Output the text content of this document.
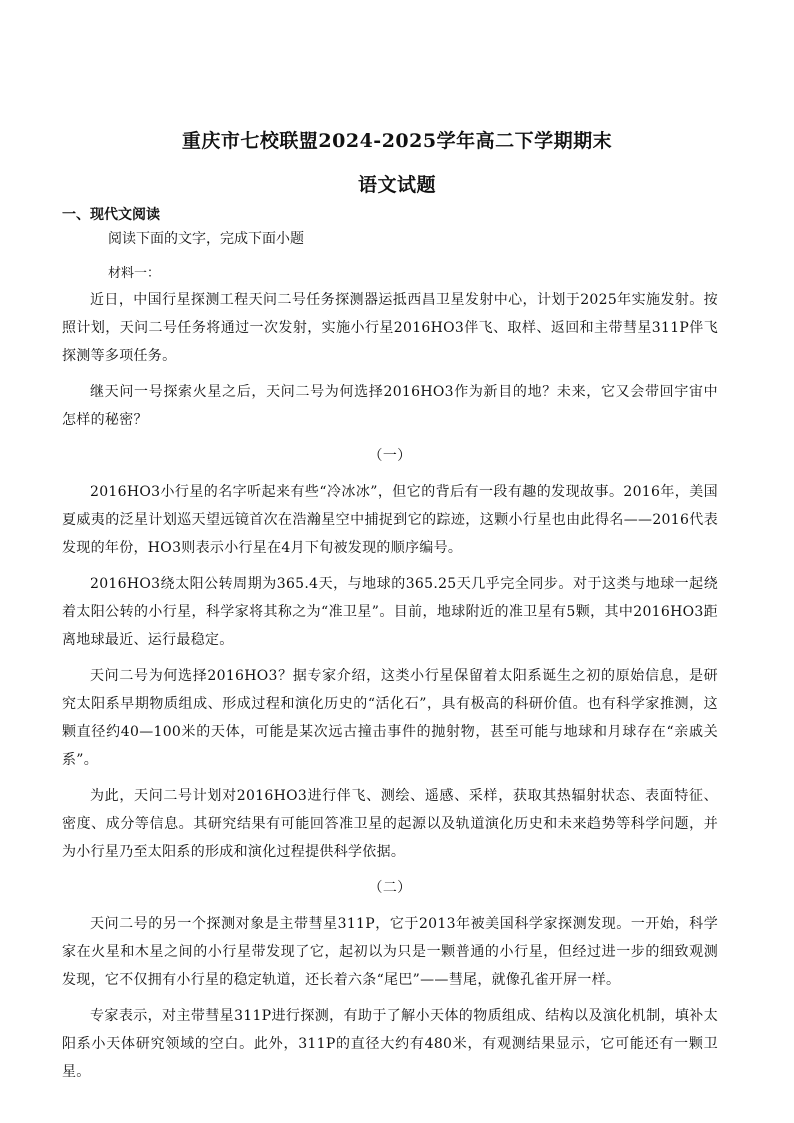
重庆市七校联盟2024-2025学年高二下学期期末
语文试题
一、现代文阅读
阅读下面的文字，完成下面小题
材料一：

近日，中国行星探测工程天问二号任务探测器运抵西昌卫星发射中心，计划于2025年实施发射。按照计划，天问二号任务将通过一次发射，实施小行星2016HO3伴飞、取样、返回和主带彗星311P伴飞探测等多项任务。

继天问一号探索火星之后，天问二号为何选择2016HO3作为新目的地？未来，它又会带回宇宙中怎样的秘密？

（一）

2016HO3小行星的名字听起来有些“冷冰冰”，但它的背后有一段有趣的发现故事。2016年，美国夏威夷的泛星计划巡天望远镜首次在浩瀚星空中捕捉到它的踪迹，这颗小行星也由此得名——2016代表发现的年份，HO3则表示小行星在4月下旬被发现的顺序编号。

2016HO3绕太阳公转周期为365.4天，与地球的365.25天几乎完全同步。对于这类与地球一起绕着太阳公转的小行星，科学家将其称之为“准卫星”。目前，地球附近的准卫星有5颗，其中2016HO3距离地球最近、运行最稳定。

天问二号为何选择2016HO3？据专家介绍，这类小行星保留着太阳系诞生之初的原始信息，是研究太阳系早期物质组成、形成过程和演化历史的“活化石”，具有极高的科研价值。也有科学家推测，这颗直径约40—100米的天体，可能是某次远古撞击事件的抛射物，甚至可能与地球和月球存在“亲戚关系”。

为此，天问二号计划对2016HO3进行伴飞、测绘、遥感、采样，获取其热辐射状态、表面特征、密度、成分等信息。其研究结果有可能回答准卫星的起源以及轨道演化历史和未来趋势等科学问题，并为小行星乃至太阳系的形成和演化过程提供科学依据。

（二）

天问二号的另一个探测对象是主带彗星311P，它于2013年被美国科学家探测发现。一开始，科学家在火星和木星之间的小行星带发现了它，起初以为只是一颗普通的小行星，但经过进一步的细致观测发现，它不仅拥有小行星的稳定轨道，还长着六条“尾巴”——彗尾，就像孔雀开屏一样。

专家表示，对主带彗星311P进行探测，有助于了解小天体的物质组成、结构以及演化机制，填补太阳系小天体研究领域的空白。此外，311P的直径大约有480米，有观测结果显示，它可能还有一颗卫星。
